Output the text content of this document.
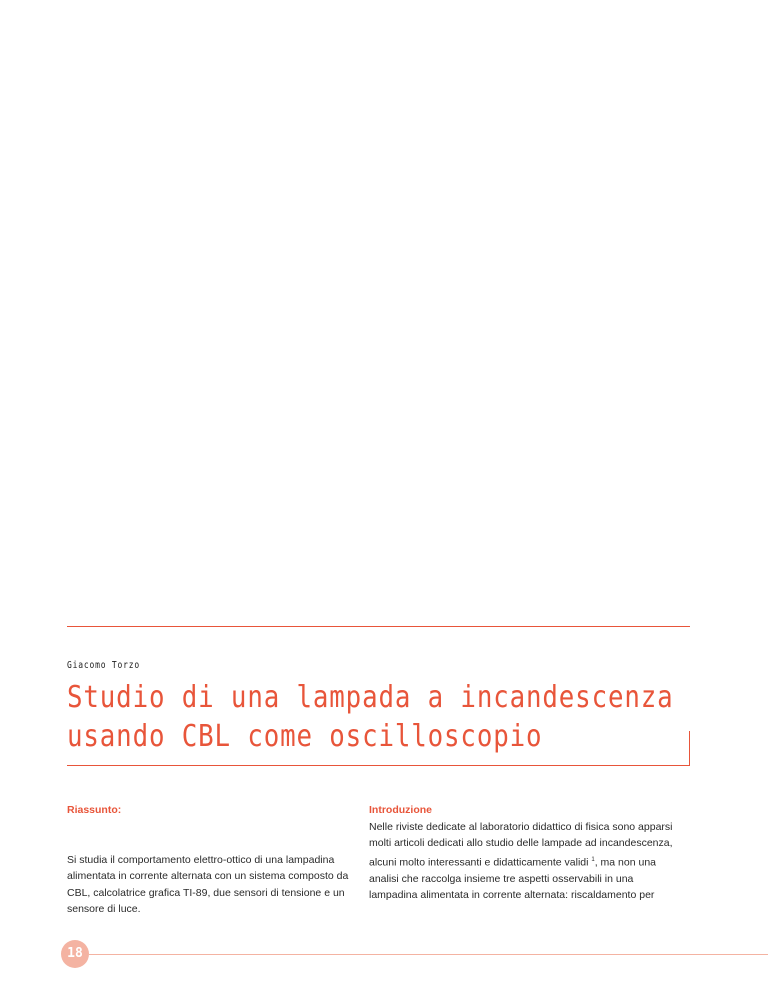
Giacomo Torzo
Studio di una lampada a incandescenza
usando CBL come oscilloscopio
Riassunto:
Si studia il comportamento elettro-ottico di una lampadina alimentata in corrente alternata con un sistema composto da CBL, calcolatrice grafica TI-89, due sensori di tensione e un sensore di luce.
Introduzione
Nelle riviste dedicate al laboratorio didattico di fisica sono apparsi molti articoli dedicati allo studio delle lampade ad incandescenza, alcuni molto interessanti e didatticamente validi $^1$, ma non una analisi che raccolga insieme tre aspetti osservabili in una lampadina alimentata in corrente alternata: riscaldamento per
18
